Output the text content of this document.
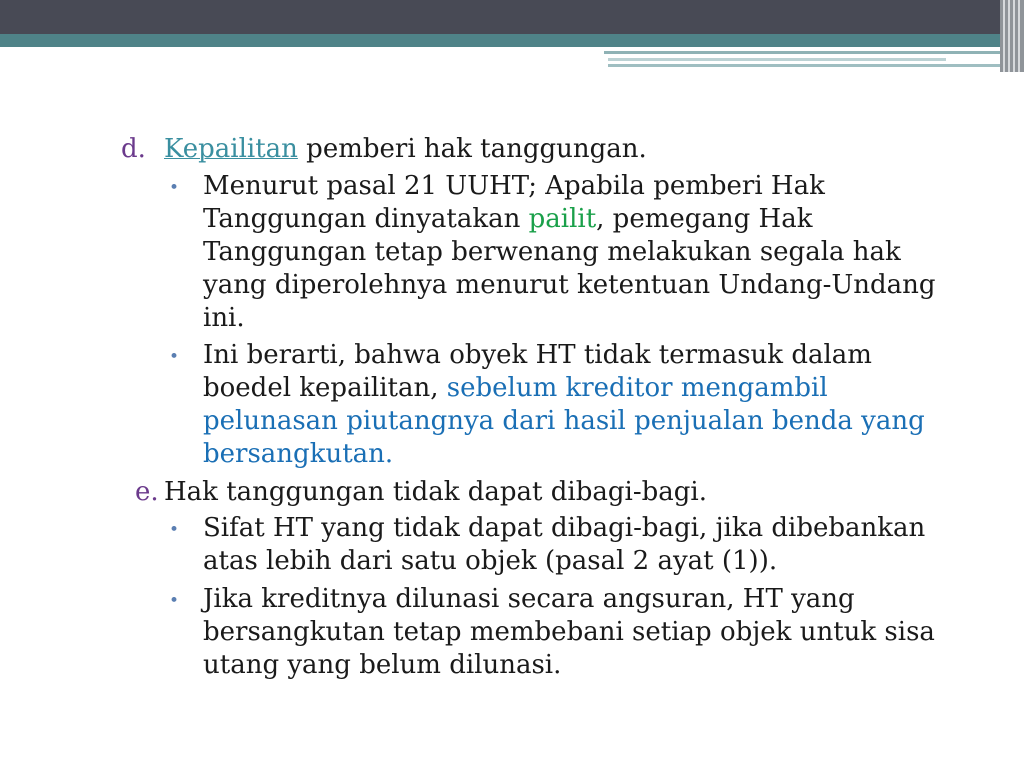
d. Kepailitan pemberi hak tanggungan.
• Menurut pasal 21 UUHT; Apabila pemberi Hak
Tanggungan dinyatakan pailit, pemegang Hak
Tanggungan tetap berwenang melakukan segala hak
yang diperolehnya menurut ketentuan Undang-Undang
ini.
• Ini berarti, bahwa obyek HT tidak termasuk dalam
boedel kepailitan, sebelum kreditor mengambil
pelunasan piutangnya dari hasil penjualan benda yang
bersangkutan.
e. Hak tanggungan tidak dapat dibagi-bagi.
• Sifat HT yang tidak dapat dibagi-bagi, jika dibebankan
atas lebih dari satu objek (pasal 2 ayat (1)).
• Jika kreditnya dilunasi secara angsuran, HT yang
bersangkutan tetap membebani setiap objek untuk sisa
utang yang belum dilunasi.
